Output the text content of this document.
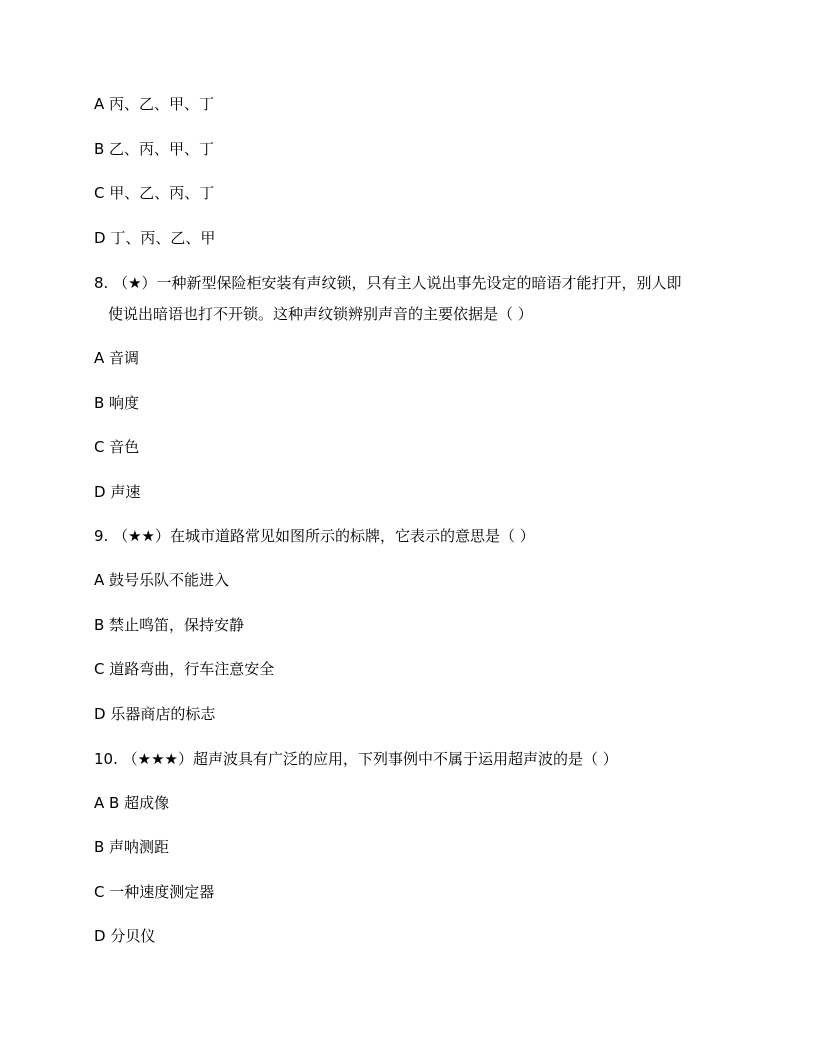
A 丙、乙、甲、丁
B 乙、丙、甲、丁
C 甲、乙、丙、丁
D 丁、丙、乙、甲
8. （★）一种新型保险柜安装有声纹锁，只有主人说出事先设定的暗语才能打开，别人即
使说出暗语也打不开锁。这种声纹锁辨别声音的主要依据是（ ）
A 音调
B 响度
C 音色
D 声速
9. （★★）在城市道路常见如图所示的标牌，它表示的意思是（ ）
A 鼓号乐队不能进入
B 禁止鸣笛，保持安静
C 道路弯曲，行车注意安全
D 乐器商店的标志
10. （★★★）超声波具有广泛的应用，下列事例中不属于运用超声波的是（ ）
A B 超成像
B 声呐测距
C 一种速度测定器
D 分贝仪
